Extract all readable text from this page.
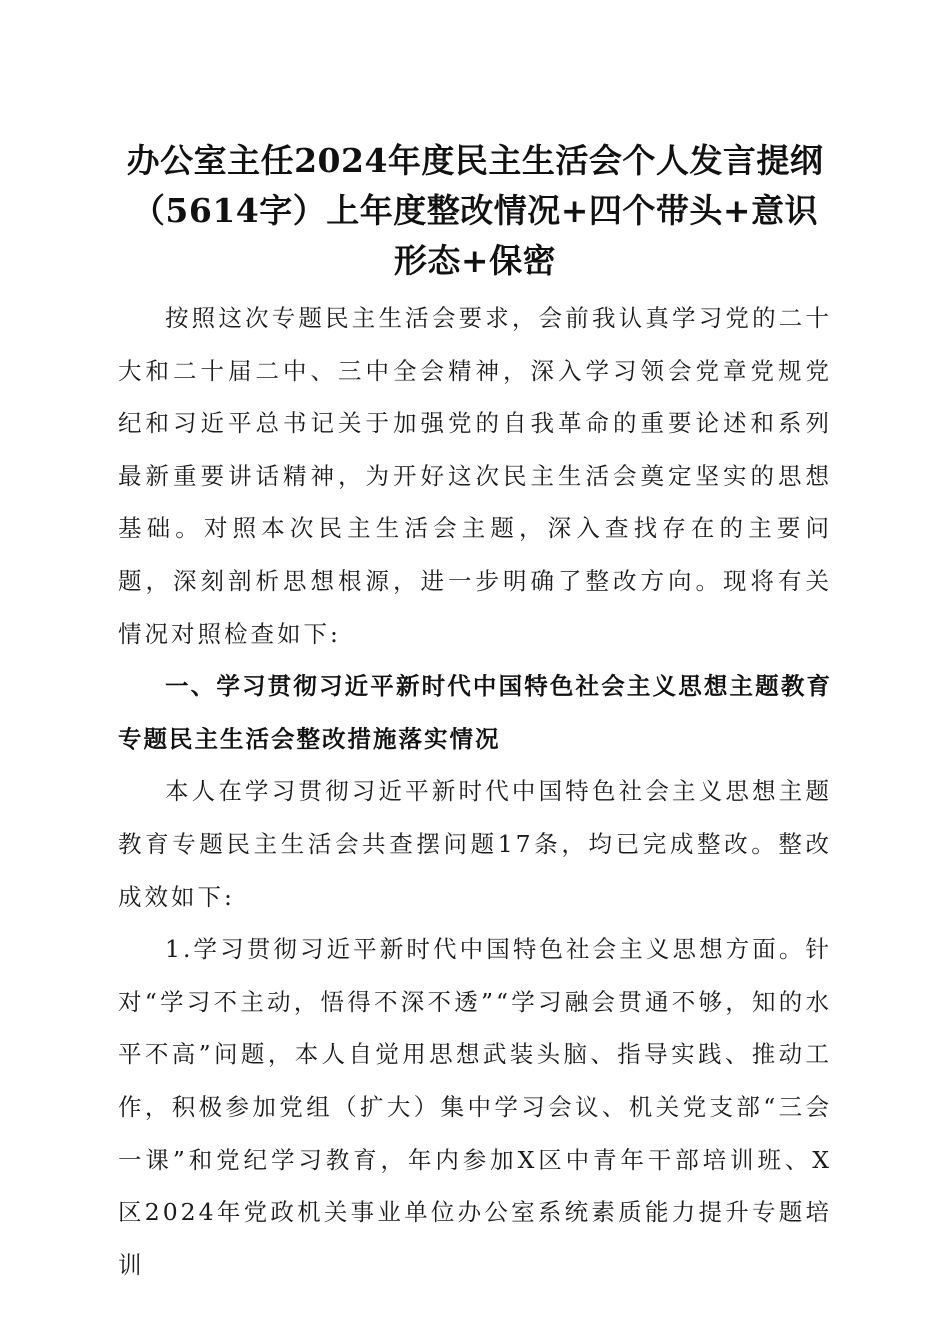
办公室主任2024年度民主生活会个人发言提纲（5614字）上年度整改情况+四个带头+意识形态+保密

按照这次专题民主生活会要求，会前我认真学习党的二十大和二十届二中、三中全会精神，深入学习领会党章党规党纪和习近平总书记关于加强党的自我革命的重要论述和系列最新重要讲话精神，为开好这次民主生活会奠定坚实的思想基础。对照本次民主生活会主题，深入查找存在的主要问题，深刻剖析思想根源，进一步明确了整改方向。现将有关情况对照检查如下:

一、学习贯彻习近平新时代中国特色社会主义思想主题教育专题民主生活会整改措施落实情况

本人在学习贯彻习近平新时代中国特色社会主义思想主题教育专题民主生活会共查摆问题17条，均已完成整改。整改成效如下:

1.学习贯彻习近平新时代中国特色社会主义思想方面。针对“学习不主动，悟得不深不透”“学习融会贯通不够，知的水平不高”问题，本人自觉用思想武装头脑、指导实践、推动工作，积极参加党组（扩大）集中学习会议、机关党支部“三会一课”和党纪学习教育，年内参加X区中青年干部培训班、X区2024年党政机关事业单位办公室系统素质能力提升专题培训
